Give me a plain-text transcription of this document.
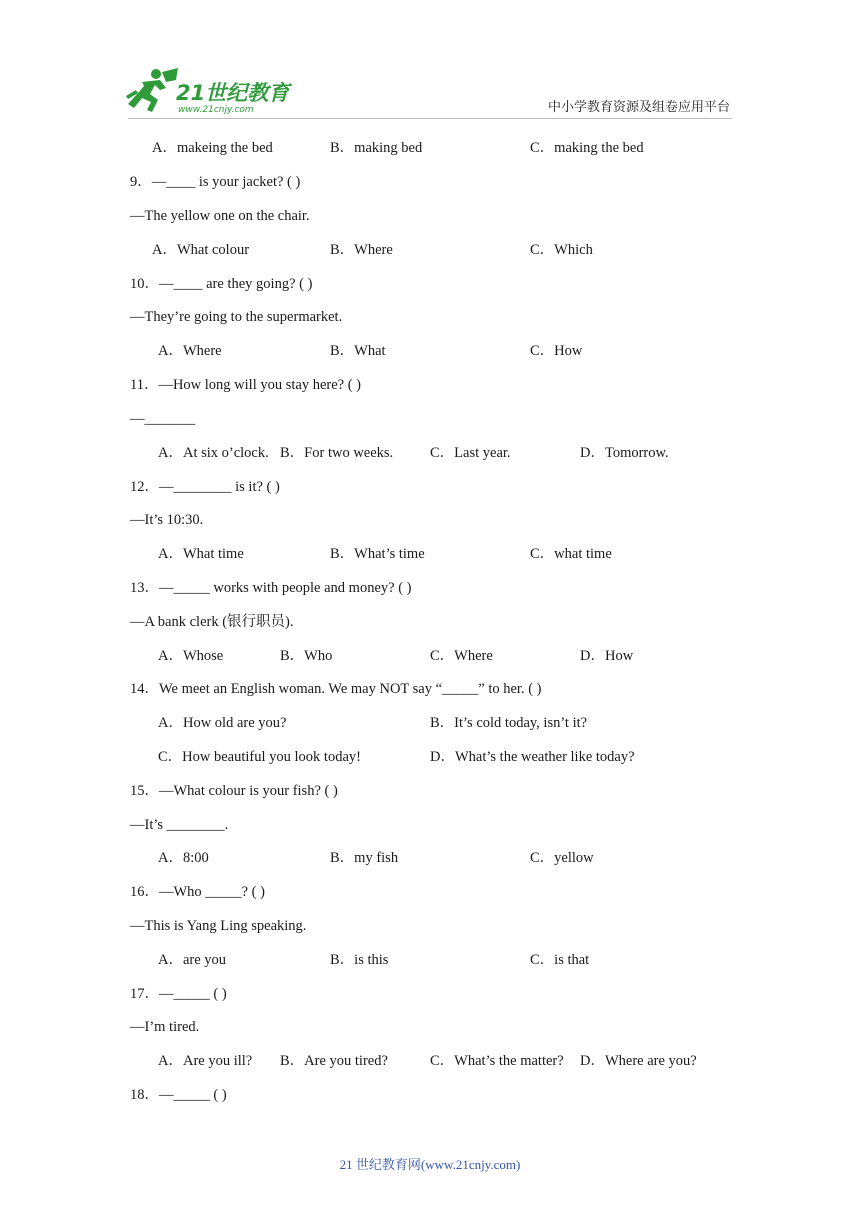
21世纪教育
www.21cnjy.com	中小学教育资源及组卷应用平台
A．makeing the bed	B．making bed	C．making the bed
9．—____ is your jacket? ( )
—The yellow one on the chair.
A．What colour	B．Where	C．Which
10．—____ are they going? ( )
—They’re going to the supermarket.
A．Where	B．What	C．How
11．—How long will you stay here? ( )
—_______
A．At six o’clock. B．For two weeks.	C．Last year.	D．Tomorrow.
12．—________ is it? ( )
—It’s 10:30.
A．What time	B．What’s time	C．what time
13．—_____ works with people and money? ( )
—A bank clerk (银行职员).
A．Whose	B．Who	C．Where	D．How
14．We meet an English woman. We may NOT say “_____” to her. ( )
A．How old are you?	B．It’s cold today, isn’t it?
C．How beautiful you look today!	D．What’s the weather like today?
15．—What colour is your fish? ( )
—It’s ________.
A．8:00	B．my fish	C．yellow
16．—Who _____? ( )
—This is Yang Ling speaking.
A．are you	B．is this	C．is that
17．—_____ ( )
—I’m tired.
A．Are you ill? B．Are you tired?	C．What’s the matter? D．Where are you?
18．—_____ ( )
21 世纪教育网(www.21cnjy.com)
